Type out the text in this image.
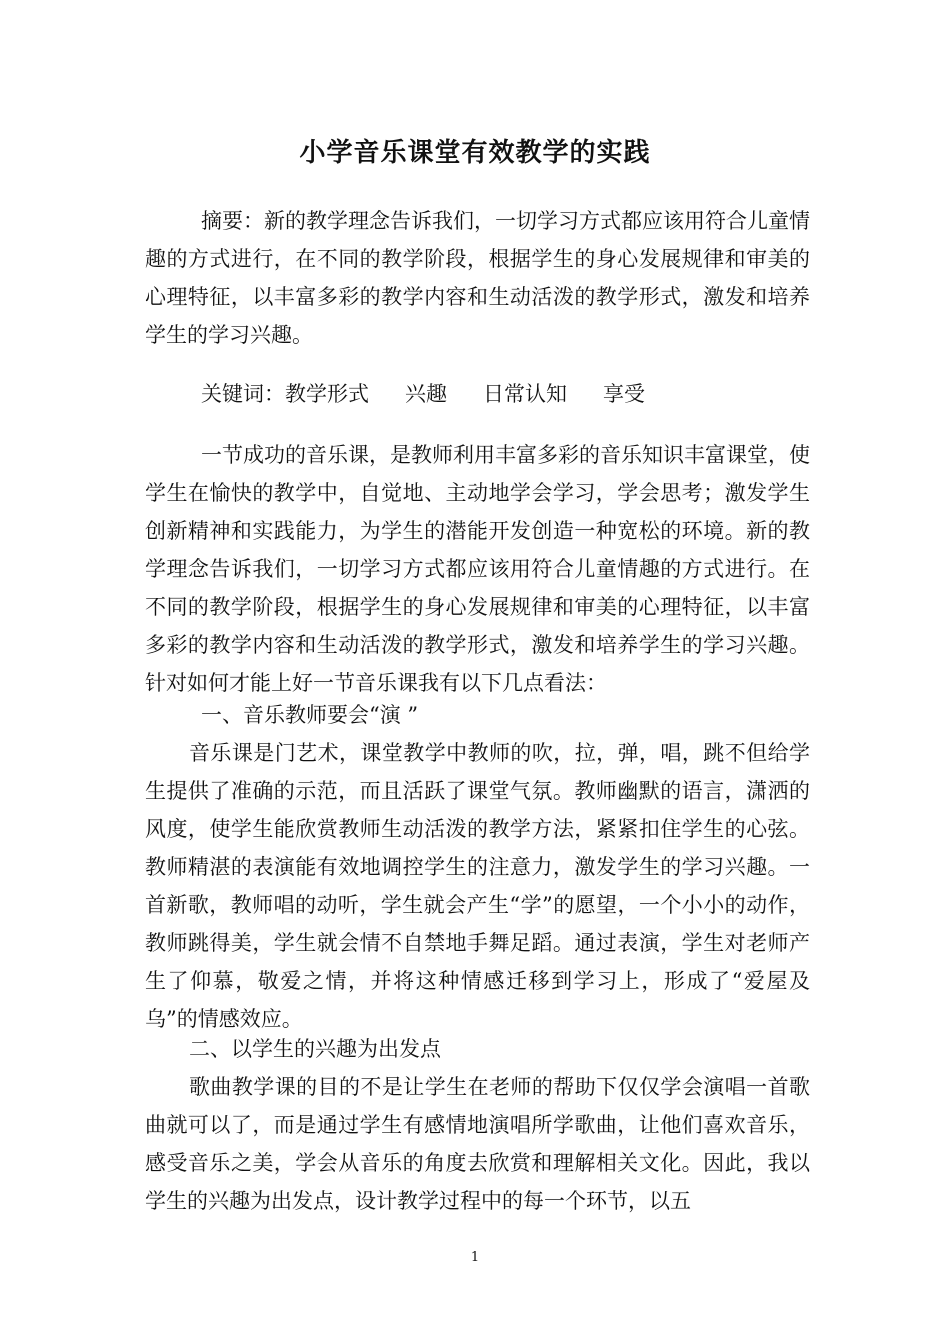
小学音乐课堂有效教学的实践

摘要：新的教学理念告诉我们，一切学习方式都应该用符合儿童情趣的方式进行，在不同的教学阶段，根据学生的身心发展规律和审美的心理特征，以丰富多彩的教学内容和生动活泼的教学形式，激发和培养学生的学习兴趣。

关键词：教学形式 兴趣 日常认知 享受

一节成功的音乐课，是教师利用丰富多彩的音乐知识丰富课堂，使学生在愉快的教学中，自觉地、主动地学会学习，学会思考；激发学生创新精神和实践能力，为学生的潜能开发创造一种宽松的环境。新的教学理念告诉我们，一切学习方式都应该用符合儿童情趣的方式进行。在不同的教学阶段，根据学生的身心发展规律和审美的心理特征，以丰富多彩的教学内容和生动活泼的教学形式，激发和培养学生的学习兴趣。针对如何才能上好一节音乐课我有以下几点看法：

一、音乐教师要会“演 ”

音乐课是门艺术，课堂教学中教师的吹，拉，弹，唱，跳不但给学生提供了准确的示范，而且活跃了课堂气氛。教师幽默的语言，潇洒的风度，使学生能欣赏教师生动活泼的教学方法，紧紧扣住学生的心弦。教师精湛的表演能有效地调控学生的注意力，激发学生的学习兴趣。一首新歌，教师唱的动听，学生就会产生“学”的愿望，一个小小的动作，教师跳得美，学生就会情不自禁地手舞足蹈。通过表演，学生对老师产生了仰慕，敬爱之情，并将这种情感迁移到学习上，形成了“爱屋及乌”的情感效应。

二、以学生的兴趣为出发点

歌曲教学课的目的不是让学生在老师的帮助下仅仅学会演唱一首歌曲就可以了，而是通过学生有感情地演唱所学歌曲，让他们喜欢音乐，感受音乐之美，学会从音乐的角度去欣赏和理解相关文化。因此，我以学生的兴趣为出发点，设计教学过程中的每一个环节，以五

1
